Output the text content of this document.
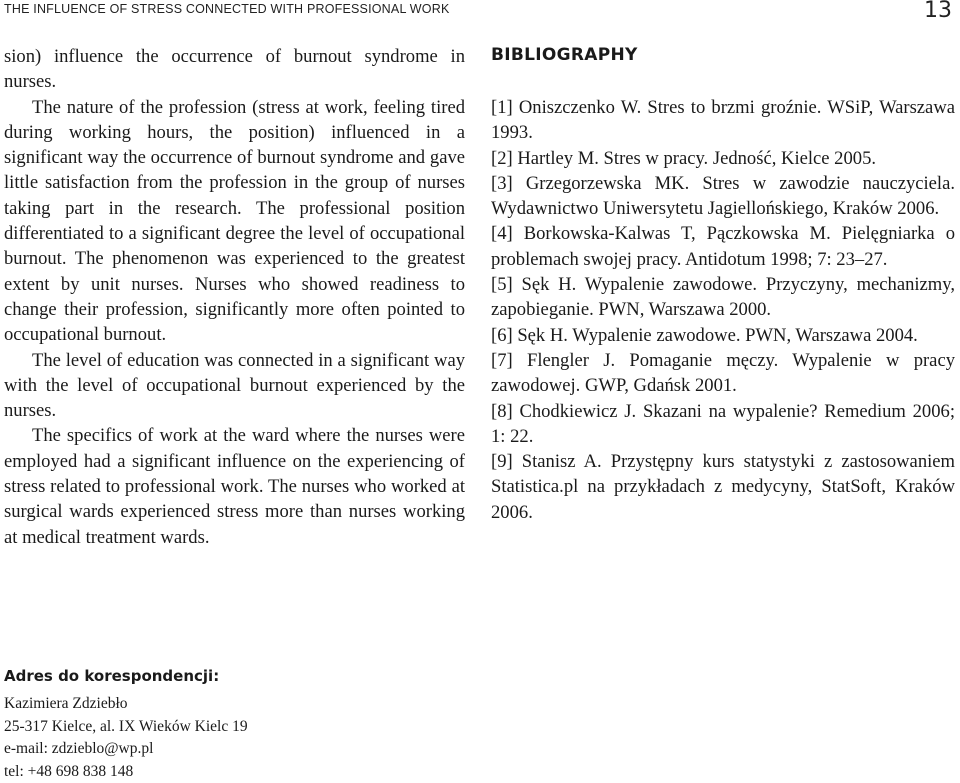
THE INFLUENCE OF STRESS CONNECTED WITH PROFESSIONAL WORK	13

sion) influence the occurrence of burnout syndrome in nurses.

The nature of the profession (stress at work, feeling tired during working hours, the position) influenced in a significant way the occurrence of burnout syndrome and gave little satisfaction from the profession in the group of nurses taking part in the research. The professional position differentiated to a significant degree the level of occupational burnout. The phenomenon was experienced to the greatest extent by unit nurses. Nurses who showed readiness to change their profession, significantly more often pointed to occupational burnout.

The level of education was connected in a significant way with the level of occupational burnout experienced by the nurses.

The specifics of work at the ward where the nurses were employed had a significant influence on the experiencing of stress related to professional work. The nurses who worked at surgical wards experienced stress more than nurses working at medical treatment wards.

BIBLIOGRAPHY
[1] Oniszczenko W. Stres to brzmi groźnie. WSiP, Warszawa 1993.
[2] Hartley M. Stres w pracy. Jedność, Kielce 2005.
[3] Grzegorzewska MK. Stres w zawodzie nauczyciela. Wydawnictwo Uniwersytetu Jagiellońskiego, Kraków 2006.
[4] Borkowska-Kalwas T, Pączkowska M. Pielęgniarka o problemach swojej pracy. Antidotum 1998; 7: 23–27.
[5] Sęk H. Wypalenie zawodowe. Przyczyny, mechanizmy, zapobieganie. PWN, Warszawa 2000.
[6] Sęk H. Wypalenie zawodowe. PWN, Warszawa 2004.
[7] Flengler J. Pomaganie męczy. Wypalenie w pracy zawodowej. GWP, Gdańsk 2001.
[8] Chodkiewicz J. Skazani na wypalenie? Remedium 2006; 1: 22.
[9] Stanisz A. Przystępny kurs statystyki z zastosowaniem Statistica.pl na przykładach z medycyny, StatSoft, Kraków 2006.
Adres do korespondencji:

Kazimiera Zdziebło

25-317 Kielce, al. IX Wieków Kielc 19

e-mail: zdzieblo@wp.pl

tel: +48 698 838 148
